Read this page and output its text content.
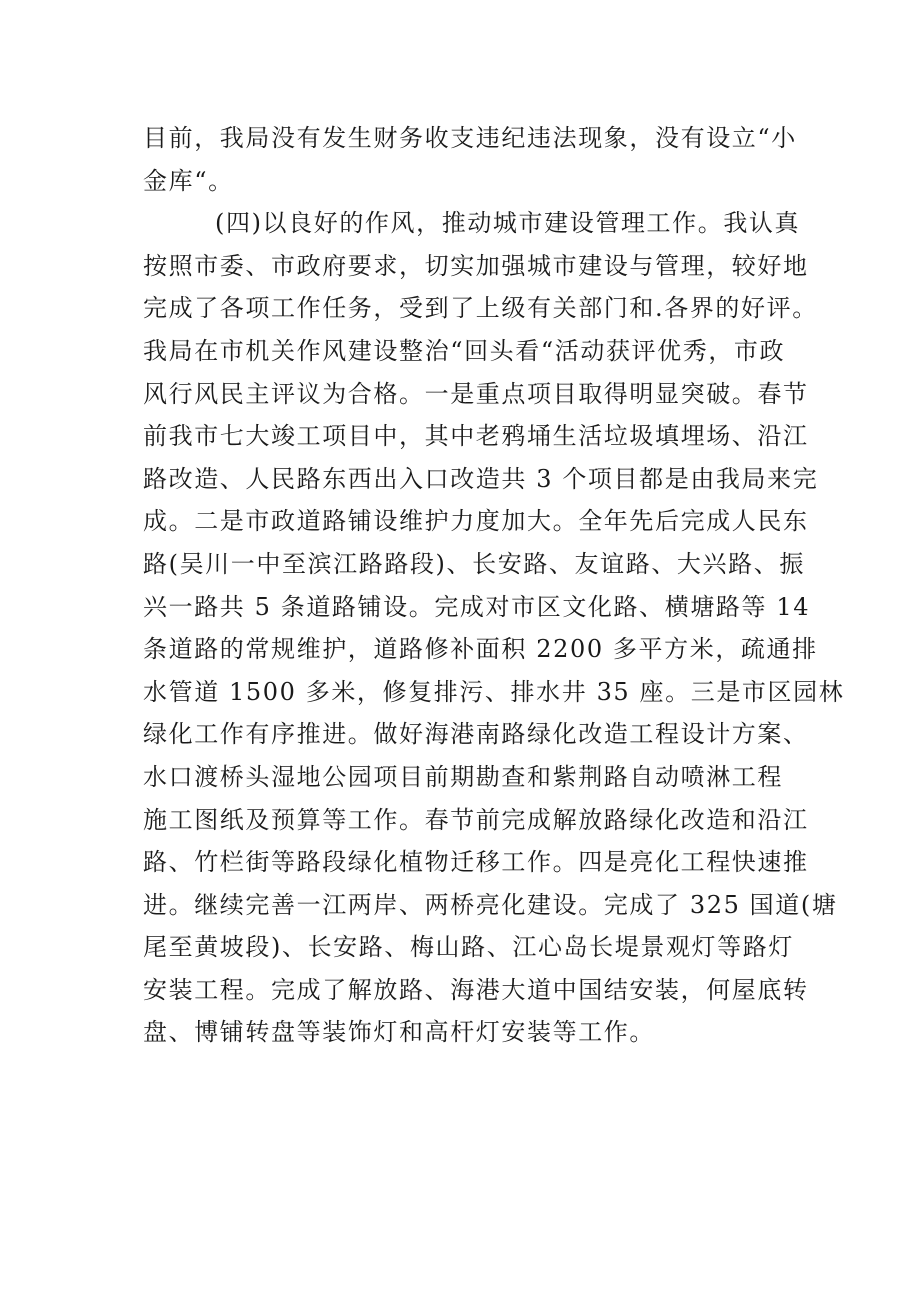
目前，我局没有发生财务收支违纪违法现象，没有设立“小
金库“。
(四)以良好的作风，推动城市建设管理工作。我认真
按照市委、市政府要求，切实加强城市建设与管理，较好地
完成了各项工作任务，受到了上级有关部门和.各界的好评。
我局在市机关作风建设整治“回头看“活动获评优秀，市政
风行风民主评议为合格。一是重点项目取得明显突破。春节
前我市七大竣工项目中，其中老鸦埇生活垃圾填埋场、沿江
路改造、人民路东西出入口改造共 3 个项目都是由我局来完
成。二是市政道路铺设维护力度加大。全年先后完成人民东
路(吴川一中至滨江路路段)、长安路、友谊路、大兴路、振
兴一路共 5 条道路铺设。完成对市区文化路、横塘路等 14
条道路的常规维护，道路修补面积 2200 多平方米，疏通排
水管道 1500 多米，修复排污、排水井 35 座。三是市区园林
绿化工作有序推进。做好海港南路绿化改造工程设计方案、
水口渡桥头湿地公园项目前期勘查和紫荆路自动喷淋工程
施工图纸及预算等工作。春节前完成解放路绿化改造和沿江
路、竹栏街等路段绿化植物迁移工作。四是亮化工程快速推
进。继续完善一江两岸、两桥亮化建设。完成了 325 国道(塘
尾至黄坡段)、长安路、梅山路、江心岛长堤景观灯等路灯
安装工程。完成了解放路、海港大道中国结安装，何屋底转
盘、博铺转盘等装饰灯和高杆灯安装等工作。
